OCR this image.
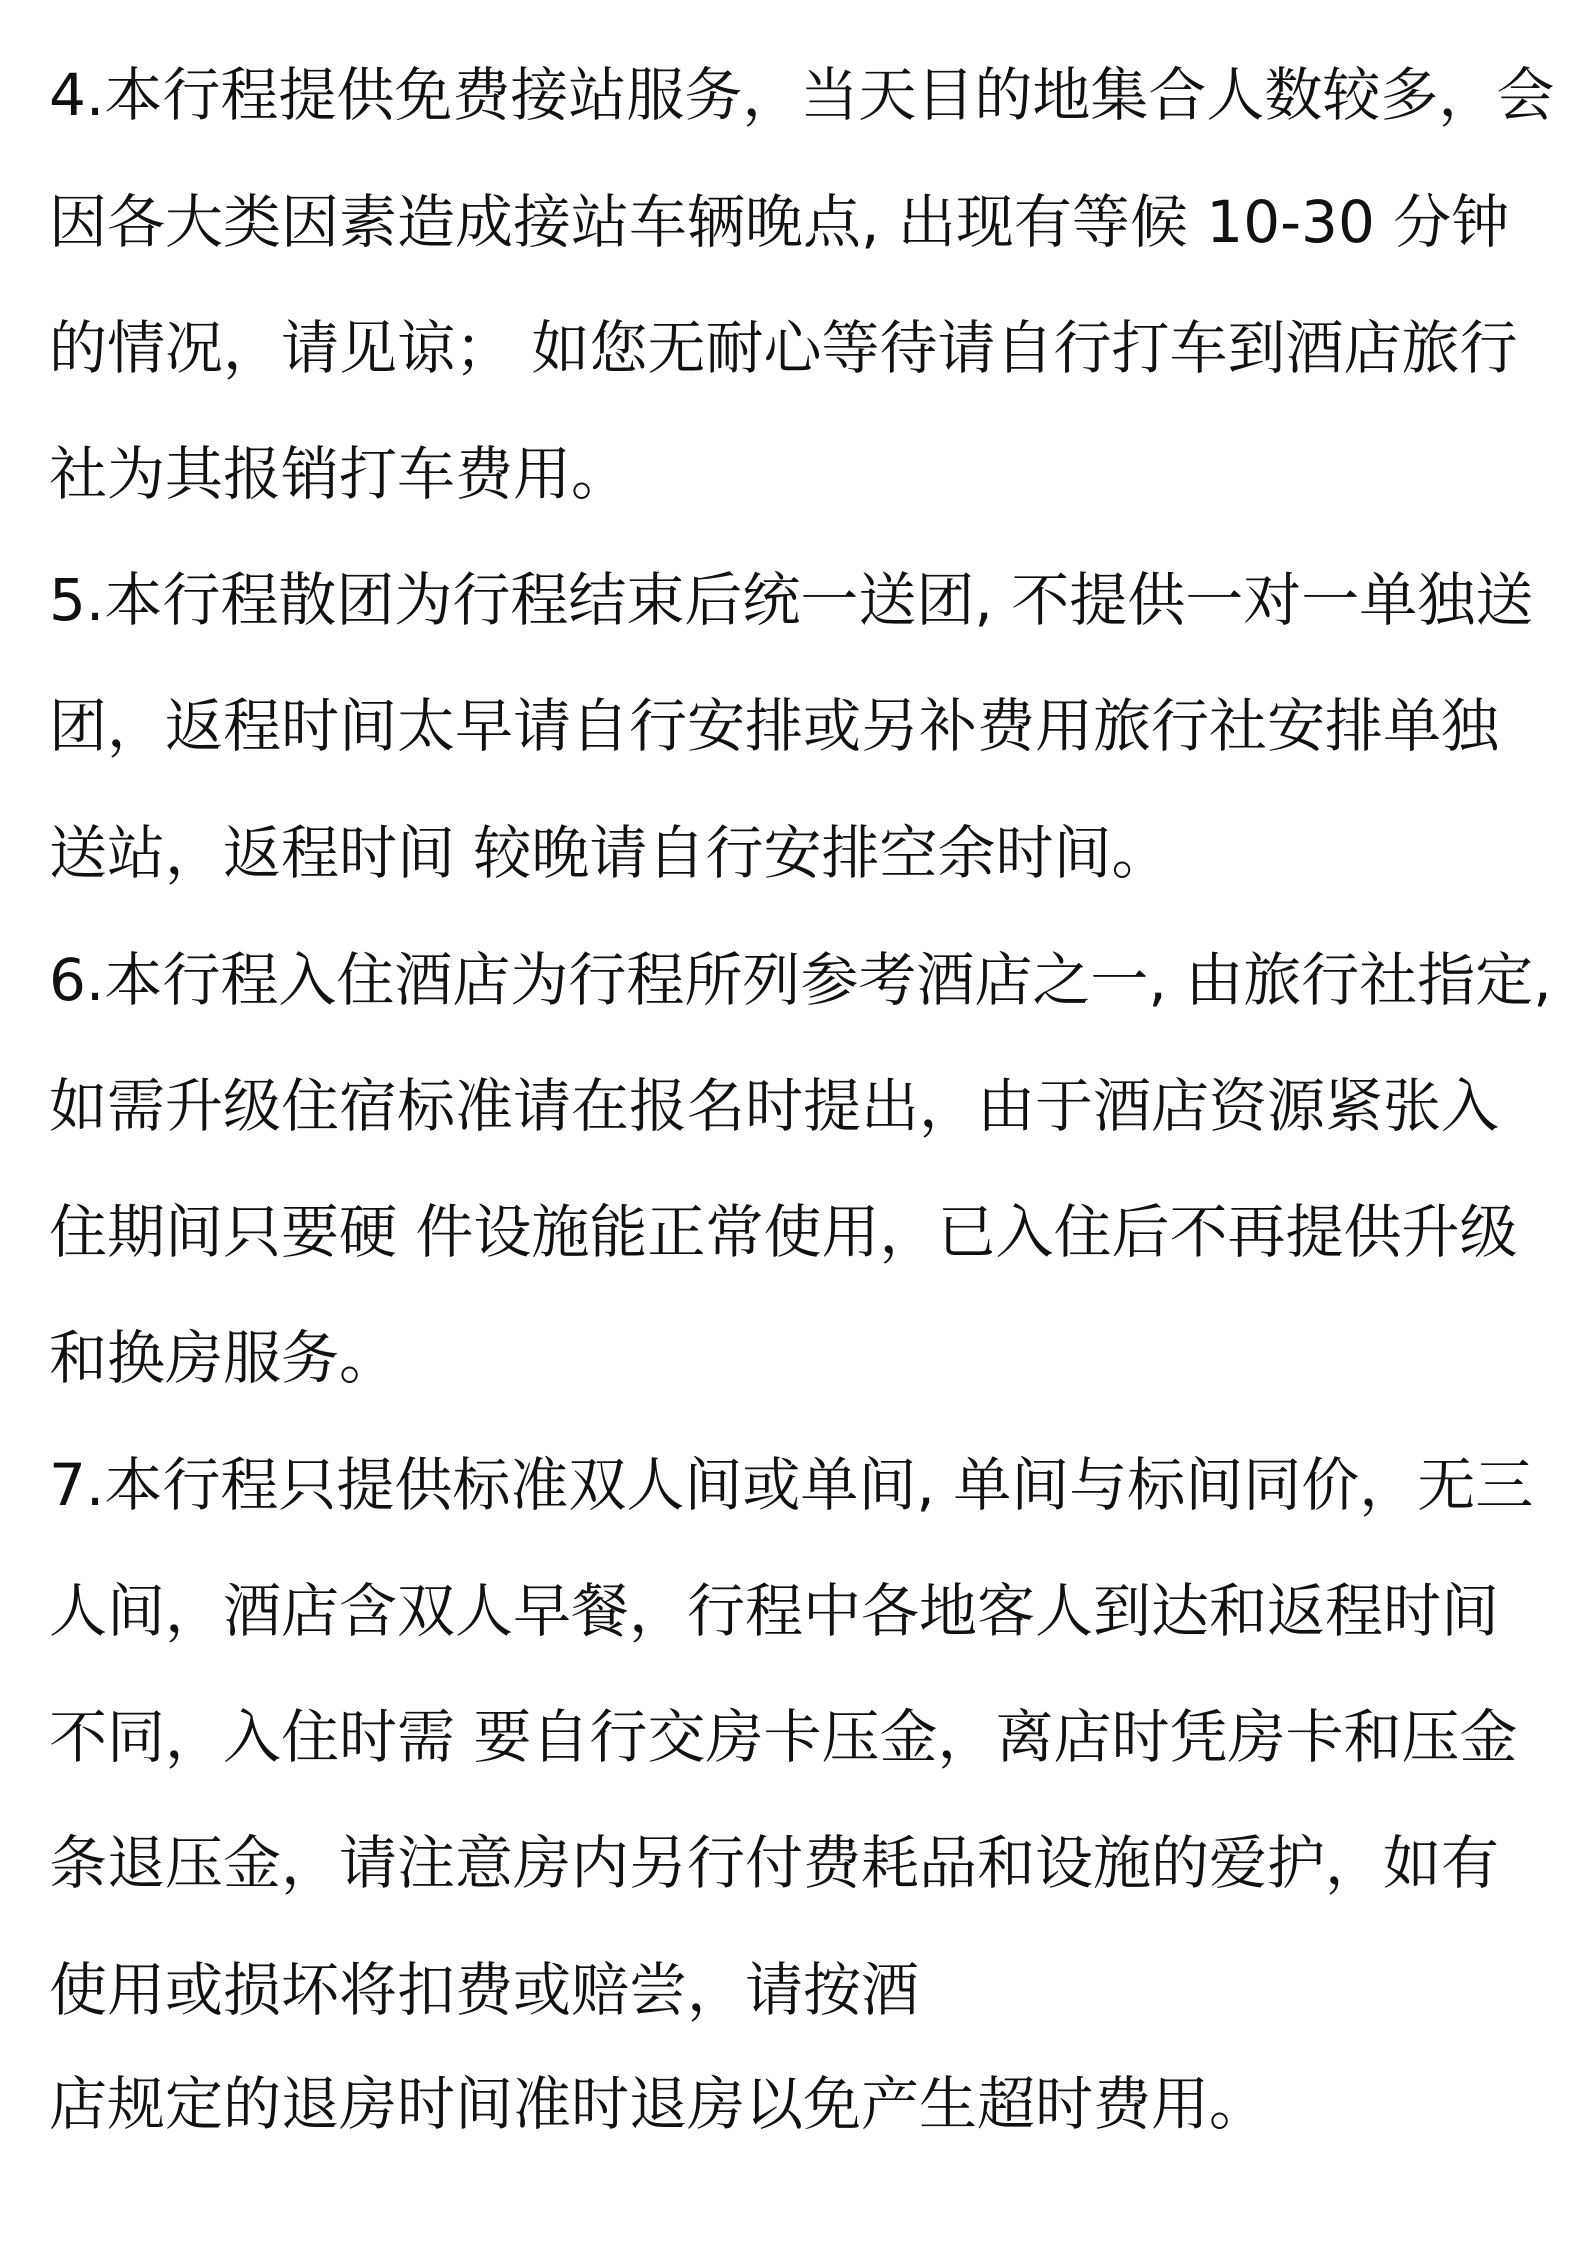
4.本行程提供免费接站服务，当天目的地集合人数较多，会
因各大类因素造成接站车辆晚点, 出现有等候 10-30 分钟
的情况，请见谅； 如您无耐心等待请自行打车到酒店旅行
社为其报销打车费用。
5.本行程散团为行程结束后统一送团, 不提供一对一单独送
团，返程时间太早请自行安排或另补费用旅行社安排单独
送站，返程时间 较晚请自行安排空余时间。
6.本行程入住酒店为行程所列参考酒店之一, 由旅行社指定,
如需升级住宿标准请在报名时提出，由于酒店资源紧张入
住期间只要硬 件设施能正常使用，已入住后不再提供升级
和换房服务。
7.本行程只提供标准双人间或单间, 单间与标间同价，无三
人间，酒店含双人早餐，行程中各地客人到达和返程时间
不同，入住时需 要自行交房卡压金，离店时凭房卡和压金
条退压金，请注意房内另行付费耗品和设施的爱护，如有
使用或损坏将扣费或赔尝，请按酒
店规定的退房时间准时退房以免产生超时费用。
